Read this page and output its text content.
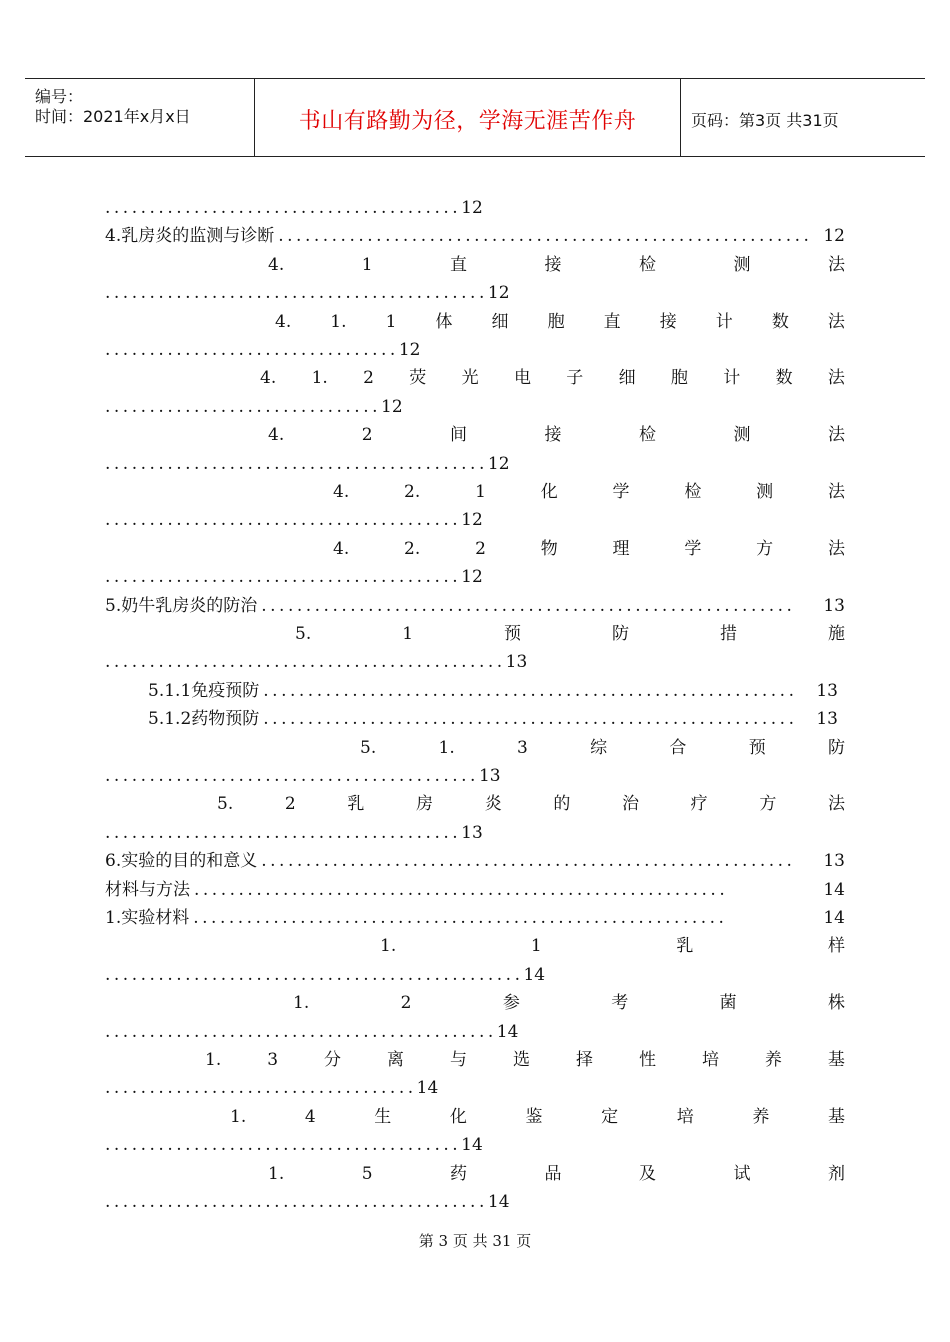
编号：
时间：2021年x月x日	书山有路勤为径，学海无涯苦作舟	页码：第3页 共31页
........................................12
4.乳房炎的监测与诊断 ............................................................ 12
4.	1	直	接	检	测	法
...........................................12
4. 1. 1 体 细 胞 直 接 计 数 法
.................................12
4. 1. 2 荧 光 电 子 细 胞 计 数 法
...............................12
4.	2	间	接	检	测	法
...........................................12
4.	2.	1	化	学	检	测	法
........................................12
4.	2.	2	物	理	学	方	法
........................................12
5.奶牛乳房炎的防治 ............................................................	13
5.	1	预	防	措	施
.............................................13
5.1.1免疫预防 ............................................................	13
5.1.2药物预防 ............................................................	13
5.	1.	3	综	合	预	防
..........................................13
5.	2	乳	房	炎	的	治	疗	方	法
........................................13
6.实验的目的和意义 ............................................................	13
材料与方法 ............................................................	14
1.实验材料 ............................................................	14
1.	1	乳	样
...............................................14
1.	2	参	考	菌	株
............................................14
1.	3	分	离	与	选	择	性	培	养	基
...................................14
1.	4	生	化	鉴	定	培	养	基
........................................14
1.	5	药	品	及	试	剂
...........................................14
第 3 页 共 31 页
